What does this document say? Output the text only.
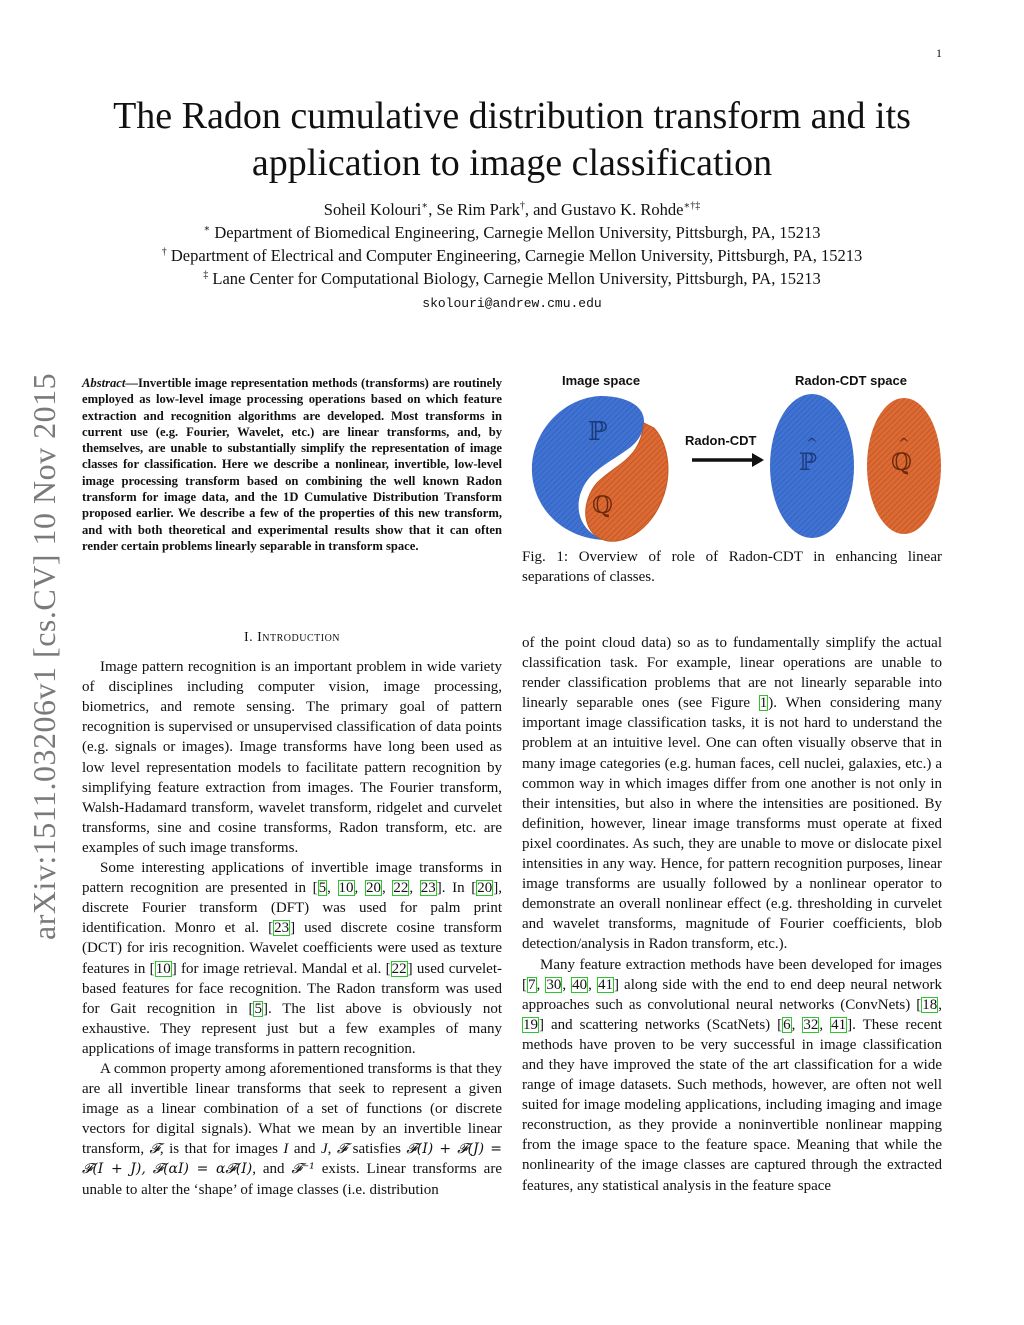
1
arXiv:1511.03206v1 [cs.CV] 10 Nov 2015
The Radon cumulative distribution transform and its
application to image classification
Soheil Kolouri∗, Se Rim Park†, and Gustavo K. Rohde∗†‡
∗ Department of Biomedical Engineering, Carnegie Mellon University, Pittsburgh, PA, 15213
† Department of Electrical and Computer Engineering, Carnegie Mellon University, Pittsburgh, PA, 15213
‡ Lane Center for Computational Biology, Carnegie Mellon University, Pittsburgh, PA, 15213
skolouri@andrew.cmu.edu
Abstract—Invertible image representation methods (transforms) are routinely employed as low-level image processing operations based on which feature extraction and recognition algorithms are developed. Most transforms in current use (e.g. Fourier, Wavelet, etc.) are linear transforms, and, by themselves, are unable to substantially simplify the representation of image classes for classification. Here we describe a nonlinear, invertible, low-level image processing transform based on combining the well known Radon transform for image data, and the 1D Cumulative Distribution Transform proposed earlier. We describe a few of the properties of this new transform, and with both theoretical and experimental results show that it can often render certain problems linearly separable in transform space.
Image space	Radon-CDT space
ℙ
ℚ
Radon-CDT
ℙ
^
ℚ
^
Fig. 1: Overview of role of Radon-CDT in enhancing linear separations of classes.
I. Introduction

Image pattern recognition is an important problem in wide variety of disciplines including computer vision, image processing, biometrics, and remote sensing. The primary goal of pattern recognition is supervised or unsupervised classification of data points (e.g. signals or images). Image transforms have long been used as low level representation models to facilitate pattern recognition by simplifying feature extraction from images. The Fourier transform, Walsh-Hadamard transform, wavelet transform, ridgelet and curvelet transforms, sine and cosine transforms, Radon transform, etc. are examples of such image transforms.

Some interesting applications of invertible image transforms in pattern recognition are presented in [5, 10, 20, 22, 23]. In [20], discrete Fourier transform (DFT) was used for palm print identification. Monro et al. [23] used discrete cosine transform (DCT) for iris recognition. Wavelet coefficients were used as texture features in [10] for image retrieval. Mandal et al. [22] used curvelet-based features for face recognition. The Radon transform was used for Gait recognition in [5]. The list above is obviously not exhaustive. They represent just but a few examples of many applications of image transforms in pattern recognition.

A common property among aforementioned transforms is that they are all invertible linear transforms that seek to represent a given image as a linear combination of a set of functions (or discrete vectors for digital signals). What we mean by an invertible linear transform, 𝓕, is that for images I and J, 𝓕 satisfies 𝓕(I) + 𝓕(J) = 𝓕(I + J), 𝓕(αI) = α𝓕(I), and 𝓕⁻¹ exists. Linear transforms are unable to alter the ‘shape’ of image classes (i.e. distribution

of the point cloud data) so as to fundamentally simplify the actual classification task. For example, linear operations are unable to render classification problems that are not linearly separable into linearly separable ones (see Figure 1). When considering many important image classification tasks, it is not hard to understand the problem at an intuitive level. One can often visually observe that in many image categories (e.g. human faces, cell nuclei, galaxies, etc.) a common way in which images differ from one another is not only in their intensities, but also in where the intensities are positioned. By definition, however, linear image transforms must operate at fixed pixel coordinates. As such, they are unable to move or dislocate pixel intensities in any way. Hence, for pattern recognition purposes, linear image transforms are usually followed by a nonlinear operator to demonstrate an overall nonlinear effect (e.g. thresholding in curvelet and wavelet transforms, magnitude of Fourier coefficients, blob detection/analysis in Radon transform, etc.).

Many feature extraction methods have been developed for images [7, 30, 40, 41] along side with the end to end deep neural network approaches such as convolutional neural networks (ConvNets) [18, 19] and scattering networks (ScatNets) [6, 32, 41]. These recent methods have proven to be very successful in image classification and they have improved the state of the art classification for a wide range of image datasets. Such methods, however, are often not well suited for image modeling applications, including imaging and image reconstruction, as they provide a noninvertible nonlinear mapping from the image space to the feature space. Meaning that while the nonlinearity of the image classes are captured through the extracted features, any statistical analysis in the feature space
